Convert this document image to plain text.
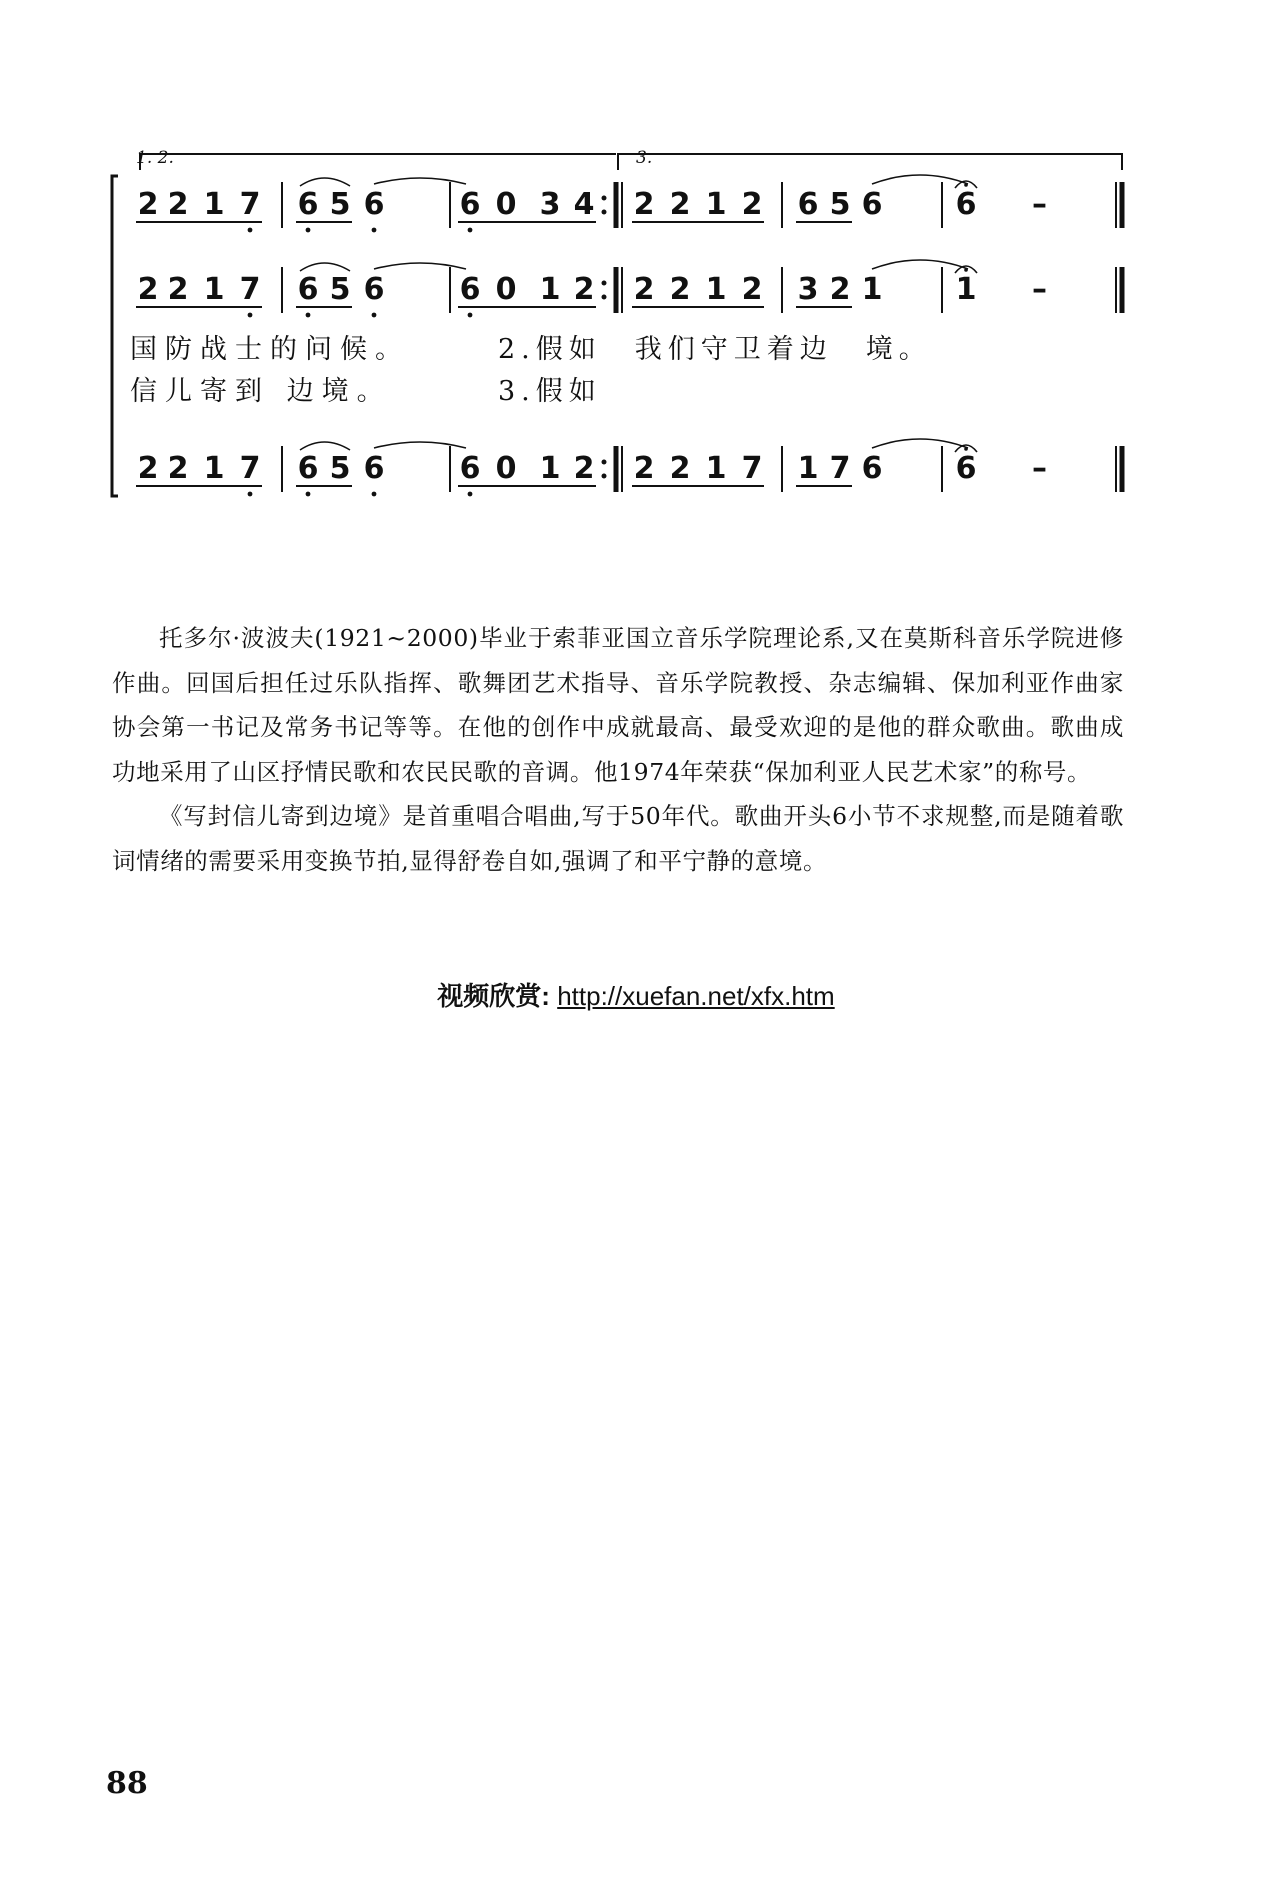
1. 2.	3.
2 2 1 7 6 5 6	6 0 3 4 2 2 1 2 6 5 6 6 –
2 2 1 7 6 5 6	6 0 1 2 2 2 1 2 3 2 1 1 –
国防战士的问候。	2.假如　我们守卫着边　境。
信儿寄到 边境。	3.假如
2 2 1 7 6 5 6	6 0 1 2 2 2 1 7 1 7 6 6 –

托多尔·波波夫(1921~2000)毕业于索菲亚国立音乐学院理论系,又在莫斯科音乐学院进修作曲。回国后担任过乐队指挥、歌舞团艺术指导、音乐学院教授、杂志编辑、保加利亚作曲家协会第一书记及常务书记等等。在他的创作中成就最高、最受欢迎的是他的群众歌曲。歌曲成功地采用了山区抒情民歌和农民民歌的音调。他1974年荣获“保加利亚人民艺术家”的称号。

《写封信儿寄到边境》是首重唱合唱曲,写于50年代。歌曲开头6小节不求规整,而是随着歌词情绪的需要采用变换节拍,显得舒卷自如,强调了和平宁静的意境。

视频欣赏: http://xuefan.net/xfx.htm
88
